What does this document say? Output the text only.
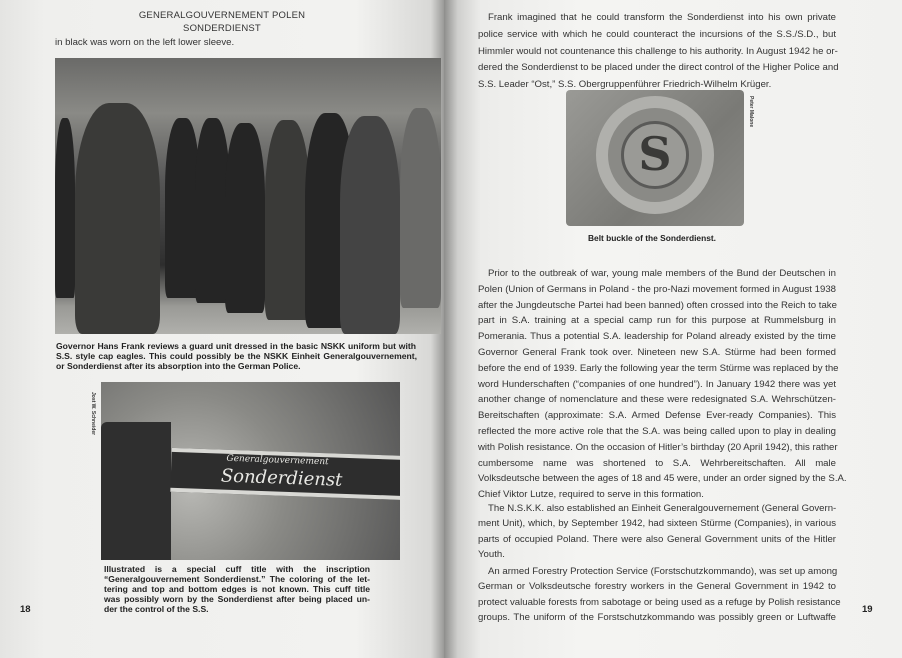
GENERALGOUVERNEMENT POLEN
SONDERDIENST
in black was worn on the left lower sleeve.
Governor Hans Frank reviews a guard unit dressed in the basic NSKK uniform but with
S.S. style cap eagles. This could possibly be the NSKK Einheit Generalgouvernement,
or Sonderdienst after its absorption into the German Police.
Jost W. Schneider
Generalgouvernement
Sonderdienst
Illustrated is a special cuff title with the inscription
“Generalgouvernement Sonderdienst.” The coloring of the let-
tering and top and bottom edges is not known. This cuff title
was possibly worn by the Sonderdienst after being placed un-
der the control of the S.S.
18
S
Peter Malone
Belt buckle of the Sonderdienst.
Frank imagined that he could transform the Sonderdienst into his own private
police service with which he could counteract the incursions of the S.S./S.D., but
Himmler would not countenance this challenge to his authority. In August 1942 he or-
dered the Sonderdienst to be placed under the direct control of the Higher Police and
S.S. Leader “Ost,” S.S. Obergruppenführer Friedrich-Wilhelm Krüger.
Prior to the outbreak of war, young male members of the Bund der Deutschen in
Polen (Union of Germans in Poland - the pro-Nazi movement formed in August 1938
after the Jungdeutsche Partei had been banned) often crossed into the Reich to take
part in S.A. training at a special camp run for this purpose at Rummelsburg in
Pomerania. Thus a potential S.A. leadership for Poland already existed by the time
Governor General Frank took over. Nineteen new S.A. Stürme had been formed
before the end of 1939. Early the following year the term Stürme was replaced by the
word Hunderschaften (“companies of one hundred”). In January 1942 there was yet
another change of nomenclature and these were redesignated S.A. Wehrschützen-
Bereitschaften (approximate: S.A. Armed Defense Ever-ready Companies). This
reflected the more active role that the S.A. was being called upon to play in dealing
with Polish resistance. On the occasion of Hitler’s birthday (20 April 1942), this rather
cumbersome name was shortened to S.A. Wehrbereitschaften. All male
Volksdeutsche between the ages of 18 and 45 were, under an order signed by the S.A.
Chief Viktor Lutze, required to serve in this formation.
The N.S.K.K. also established an Einheit Generalgouvernement (General Govern-
ment Unit), which, by September 1942, had sixteen Stürme (Companies), in various
parts of occupied Poland. There were also General Government units of the Hitler
Youth.
An armed Forestry Protection Service (Forstschutzkommando), was set up among
German or Volksdeutsche forestry workers in the General Government in 1942 to
protect valuable forests from sabotage or being used as a refuge by Polish resistance
groups. The uniform of the Forstschutzkommando was possibly green or Luftwaffe
19
